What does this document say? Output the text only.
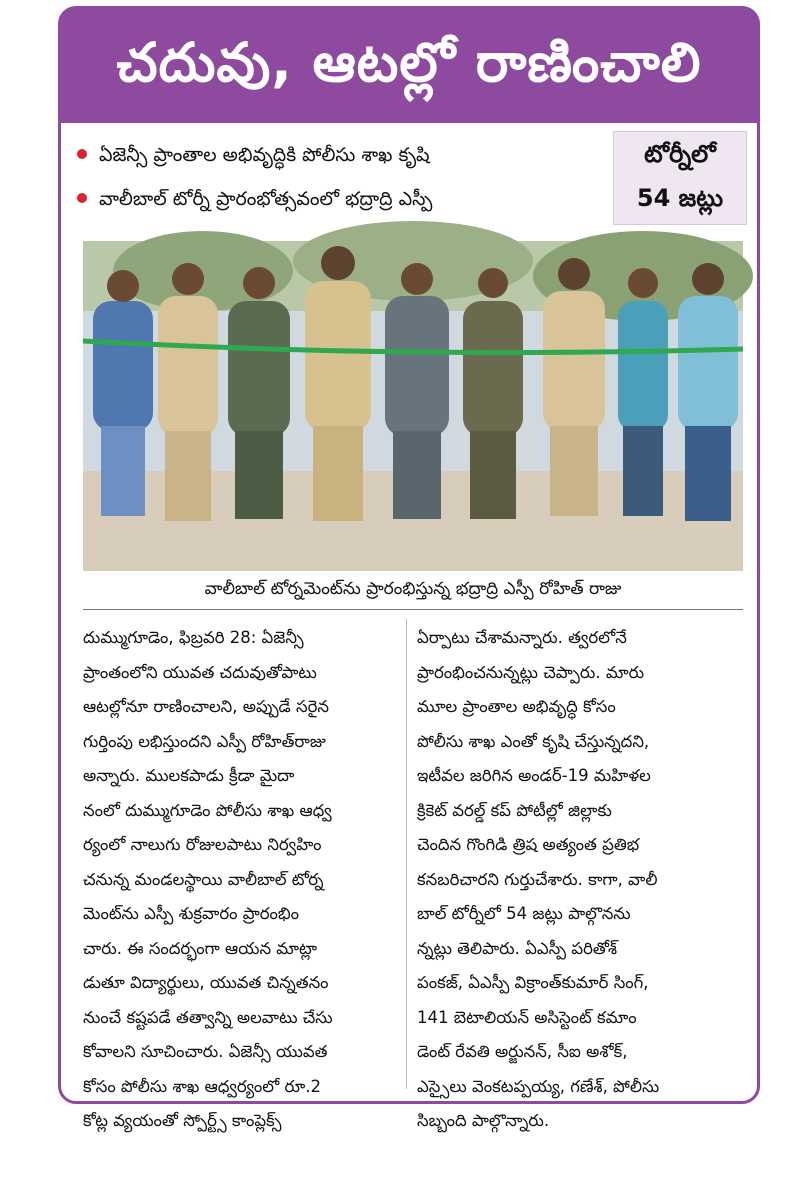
చదువు, ఆటల్లో రాణించాలి
ఏజెన్సీ ప్రాంతాల అభివృద్ధికి పోలీసు శాఖ కృషి
వాలీబాల్ టోర్నీ ప్రారంభోత్సవంలో భద్రాద్రి ఎస్పీ
టోర్నీలో
54 జట్లు
వాలీబాల్ టోర్నమెంట్‌ను ప్రారంభిస్తున్న భద్రాద్రి ఎస్పీ రోహిత్ రాజు
దుమ్ముగూడెం, ఫిబ్రవరి 28: ఏజెన్సీ
ప్రాంతంలోని యువత చదువుతోపాటు
ఆటల్లోనూ రాణించాలని, అప్పుడే సరైన
గుర్తింపు లభిస్తుందని ఎస్పీ రోహిత్‌రాజు
అన్నారు. ములకపాడు క్రీడా మైదా
నంలో దుమ్ముగూడెం పోలీసు శాఖ ఆధ్వ
ర్యంలో నాలుగు రోజులపాటు నిర్వహిం
చనున్న మండలస్థాయి వాలీబాల్ టోర్న
మెంట్‌ను ఎస్పీ శుక్రవారం ప్రారంభిం
చారు. ఈ సందర్భంగా ఆయన మాట్లా
డుతూ విద్యార్థులు, యువత చిన్నతనం
నుంచే కష్టపడే తత్వాన్ని అలవాటు చేసు
కోవాలని సూచించారు. ఏజెన్సీ యువత
కోసం పోలీసు శాఖ ఆధ్వర్యంలో రూ.2
కోట్ల వ్యయంతో స్పోర్ట్స్ కాంప్లెక్స్
ఏర్పాటు చేశామన్నారు. త్వరలోనే
ప్రారంభించనున్నట్లు చెప్పారు. మారు
మూల ప్రాంతాల అభివృద్ధి కోసం
పోలీసు శాఖ ఎంతో కృషి చేస్తున్నదని,
ఇటీవల జరిగిన అండర్-19 మహిళల
క్రికెట్ వరల్డ్ కప్ పోటీల్లో జిల్లాకు
చెందిన గొంగిడి త్రిష అత్యంత ప్రతిభ
కనబరిచారని గుర్తుచేశారు. కాగా, వాలీ
బాల్ టోర్నీలో 54 జట్లు పాల్గొనను
న్నట్లు తెలిపారు. ఏఎస్పీ పరితోశ్
పంకజ్, ఏఎస్పీ విక్రాంత్‌కుమార్ సింగ్,
141 బెటాలియన్ అసిస్టెంట్ కమాం
డెంట్ రేవతి అర్జునన్, సీఐ అశోక్,
ఎస్సైలు వెంకటప్పయ్య, గణేశ్, పోలీసు
సిబ్బంది పాల్గొన్నారు.
